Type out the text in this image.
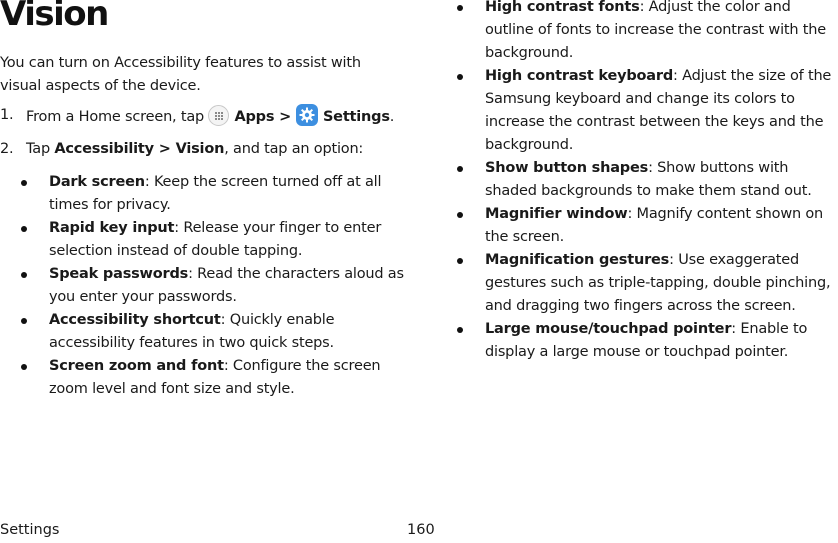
Vision

You can turn on Accessibility features to assist with visual aspects of the device.

1. From a Home screen, tap
Apps >
Settings.
2. Tap Accessibility > Vision, and tap an option:
Dark screen: Keep the screen turned off at all times for privacy.
Rapid key input: Release your finger to enter selection instead of double tapping.
Speak passwords: Read the characters aloud as you enter your passwords.
Accessibility shortcut: Quickly enable accessibility features in two quick steps.
Screen zoom and font: Configure the screen zoom level and font size and style.
High contrast fonts: Adjust the color and outline of fonts to increase the contrast with the background.
High contrast keyboard: Adjust the size of the Samsung keyboard and change its colors to increase the contrast between the keys and the background.
Show button shapes: Show buttons with shaded backgrounds to make them stand out.
Magnifier window: Magnify content shown on the screen.
Magnification gestures: Use exaggerated gestures such as triple-tapping, double pinching, and dragging two fingers across the screen.
Large mouse/touchpad pointer: Enable to display a large mouse or touchpad pointer.
Settings	160
